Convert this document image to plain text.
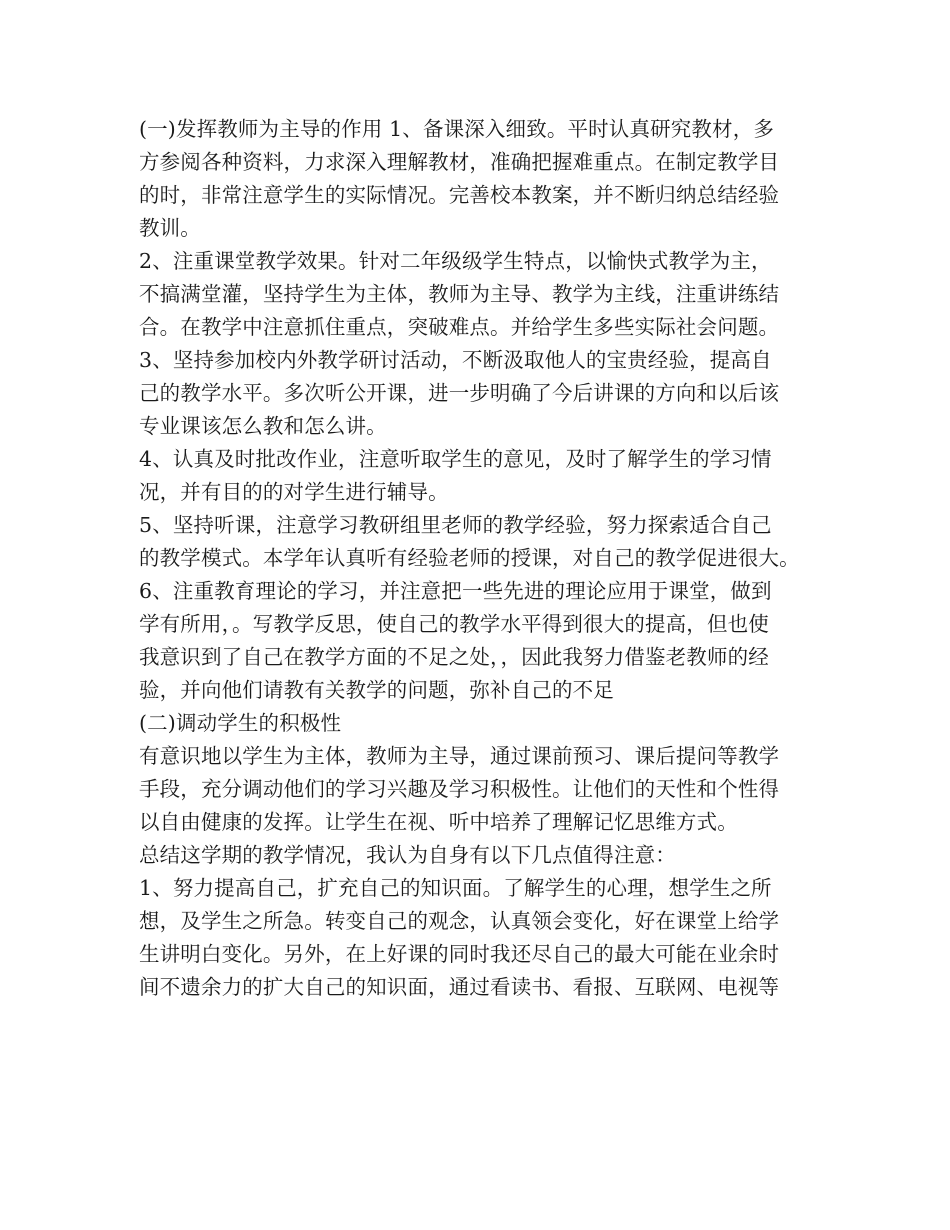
(一)发挥教师为主导的作用 1、备课深入细致。平时认真研究教材，多
方参阅各种资料，力求深入理解教材，准确把握难重点。在制定教学目
的时，非常注意学生的实际情况。完善校本教案，并不断归纳总结经验
教训。
2、注重课堂教学效果。针对二年级级学生特点，以愉快式教学为主，
不搞满堂灌，坚持学生为主体，教师为主导、教学为主线，注重讲练结
合。在教学中注意抓住重点，突破难点。并给学生多些实际社会问题。
3、坚持参加校内外教学研讨活动，不断汲取他人的宝贵经验，提高自
己的教学水平。多次听公开课，进一步明确了今后讲课的方向和以后该
专业课该怎么教和怎么讲。
4、认真及时批改作业，注意听取学生的意见，及时了解学生的学习情
况，并有目的的对学生进行辅导。
5、坚持听课，注意学习教研组里老师的教学经验，努力探索适合自己
的教学模式。本学年认真听有经验老师的授课，对自己的教学促进很大。
6、注重教育理论的学习，并注意把一些先进的理论应用于课堂，做到
学有所用，。写教学反思，使自己的教学水平得到很大的提高，但也使
我意识到了自己在教学方面的不足之处，，因此我努力借鉴老教师的经
验，并向他们请教有关教学的问题，弥补自己的不足
(二)调动学生的积极性
有意识地以学生为主体，教师为主导，通过课前预习、课后提问等教学
手段，充分调动他们的学习兴趣及学习积极性。让他们的天性和个性得
以自由健康的发挥。让学生在视、听中培养了理解记忆思维方式。
总结这学期的教学情况，我认为自身有以下几点值得注意：
1、努力提高自己，扩充自己的知识面。了解学生的心理，想学生之所
想，及学生之所急。转变自己的观念，认真领会变化，好在课堂上给学
生讲明白变化。另外，在上好课的同时我还尽自己的最大可能在业余时
间不遗余力的扩大自己的知识面，通过看读书、看报、互联网、电视等
